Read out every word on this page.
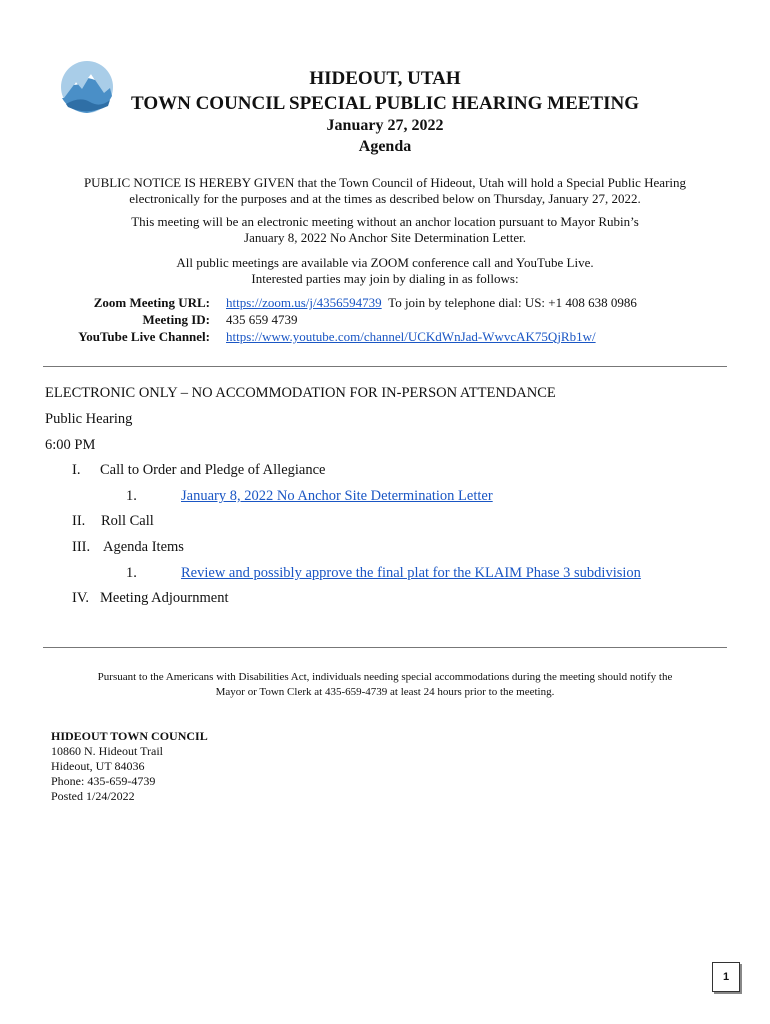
HIDEOUT, UTAH
TOWN COUNCIL SPECIAL PUBLIC HEARING MEETING
January 27, 2022
Agenda
PUBLIC NOTICE IS HEREBY GIVEN that the Town Council of Hideout, Utah will hold a Special Public Hearing
electronically for the purposes and at the times as described below on Thursday, January 27, 2022.
This meeting will be an electronic meeting without an anchor location pursuant to Mayor Rubin’s
January 8, 2022 No Anchor Site Determination Letter.
All public meetings are available via ZOOM conference call and YouTube Live.
Interested parties may join by dialing in as follows:
Zoom Meeting URL: https://zoom.us/j/4356594739 To join by telephone dial: US: +1 408 638 0986
Meeting ID: 435 659 4739
YouTube Live Channel: https://www.youtube.com/channel/UCKdWnJad-WwvcAK75QjRb1w/
ELECTRONIC ONLY – NO ACCOMMODATION FOR IN-PERSON ATTENDANCE
Public Hearing
6:00 PM
I. Call to Order and Pledge of Allegiance
1.	January 8, 2022 No Anchor Site Determination Letter
II. Roll Call
III. Agenda Items
1.	Review and possibly approve the final plat for the KLAIM Phase 3 subdivision
IV. Meeting Adjournment
Pursuant to the Americans with Disabilities Act, individuals needing special accommodations during the meeting should notify the
Mayor or Town Clerk at 435-659-4739 at least 24 hours prior to the meeting.
HIDEOUT TOWN COUNCIL
10860 N. Hideout Trail
Hideout, UT 84036
Phone: 435-659-4739
Posted 1/24/2022
1
